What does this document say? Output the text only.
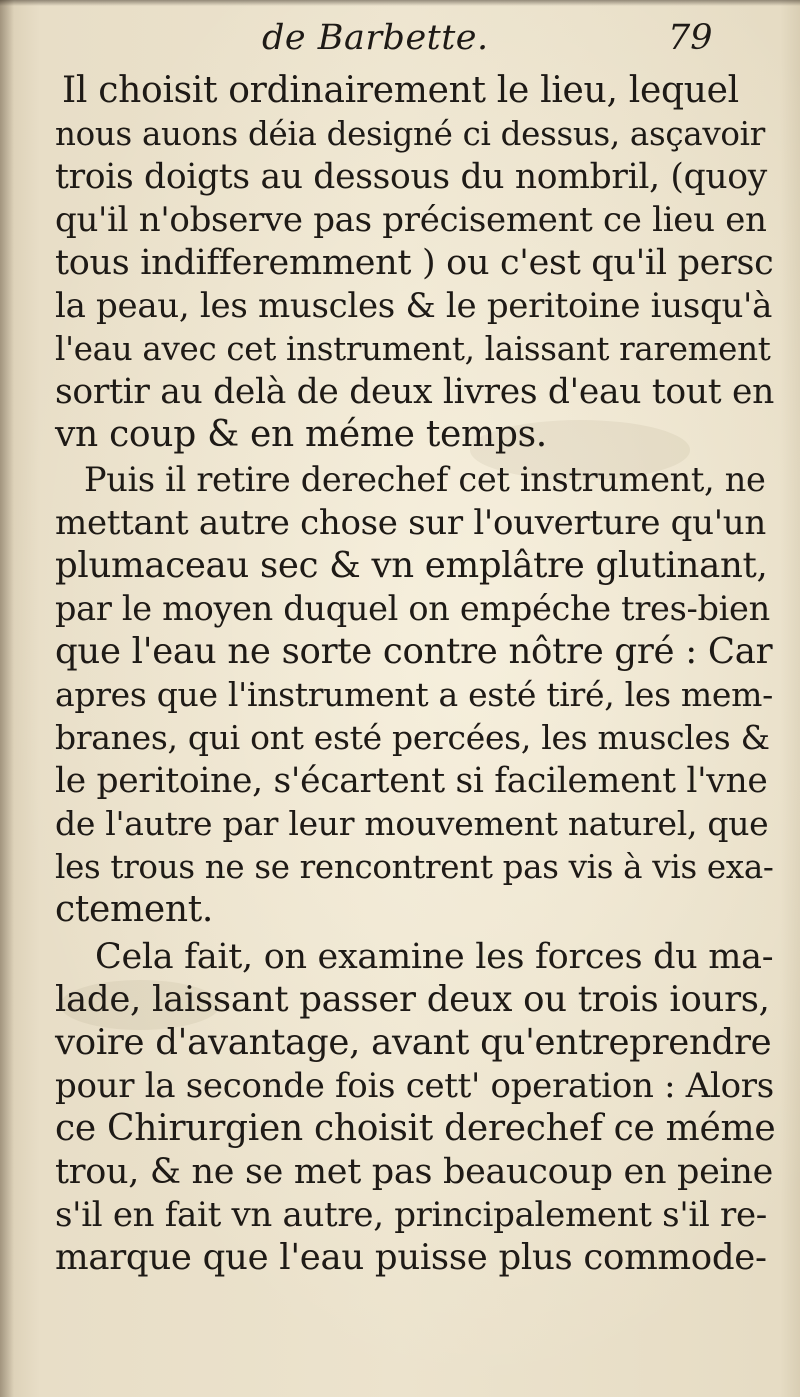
de Barbette.	79
Il choisit ordinairement le lieu, lequel
nous auons déia designé ci dessus, asçavoir
trois doigts au dessous du nombril, (quoy
qu'il n'observe pas précisement ce lieu en
tous indifferemment ) ou c'est qu'il persc
la peau, les muscles & le peritoine iusqu'à
l'eau avec cet instrument, laissant rarement
sortir au delà de deux livres d'eau tout en
vn coup & en méme temps.
Puis il retire derechef cet instrument, ne
mettant autre chose sur l'ouverture qu'un
plumaceau sec & vn emplâtre glutinant,
par le moyen duquel on empéche tres-bien
que l'eau ne sorte contre nôtre gré : Car
apres que l'instrument a esté tiré, les mem-
branes, qui ont esté percées, les muscles &
le peritoine, s'écartent si facilement l'vne
de l'autre par leur mouvement naturel, que
les trous ne se rencontrent pas vis à vis exa-
ctement.
Cela fait, on examine les forces du ma-
lade, laissant passer deux ou trois iours,
voire d'avantage, avant qu'entreprendre
pour la seconde fois cett' operation : Alors
ce Chirurgien choisit derechef ce méme
trou, & ne se met pas beaucoup en peine
s'il en fait vn autre, principalement s'il re-
marque que l'eau puisse plus commode-
